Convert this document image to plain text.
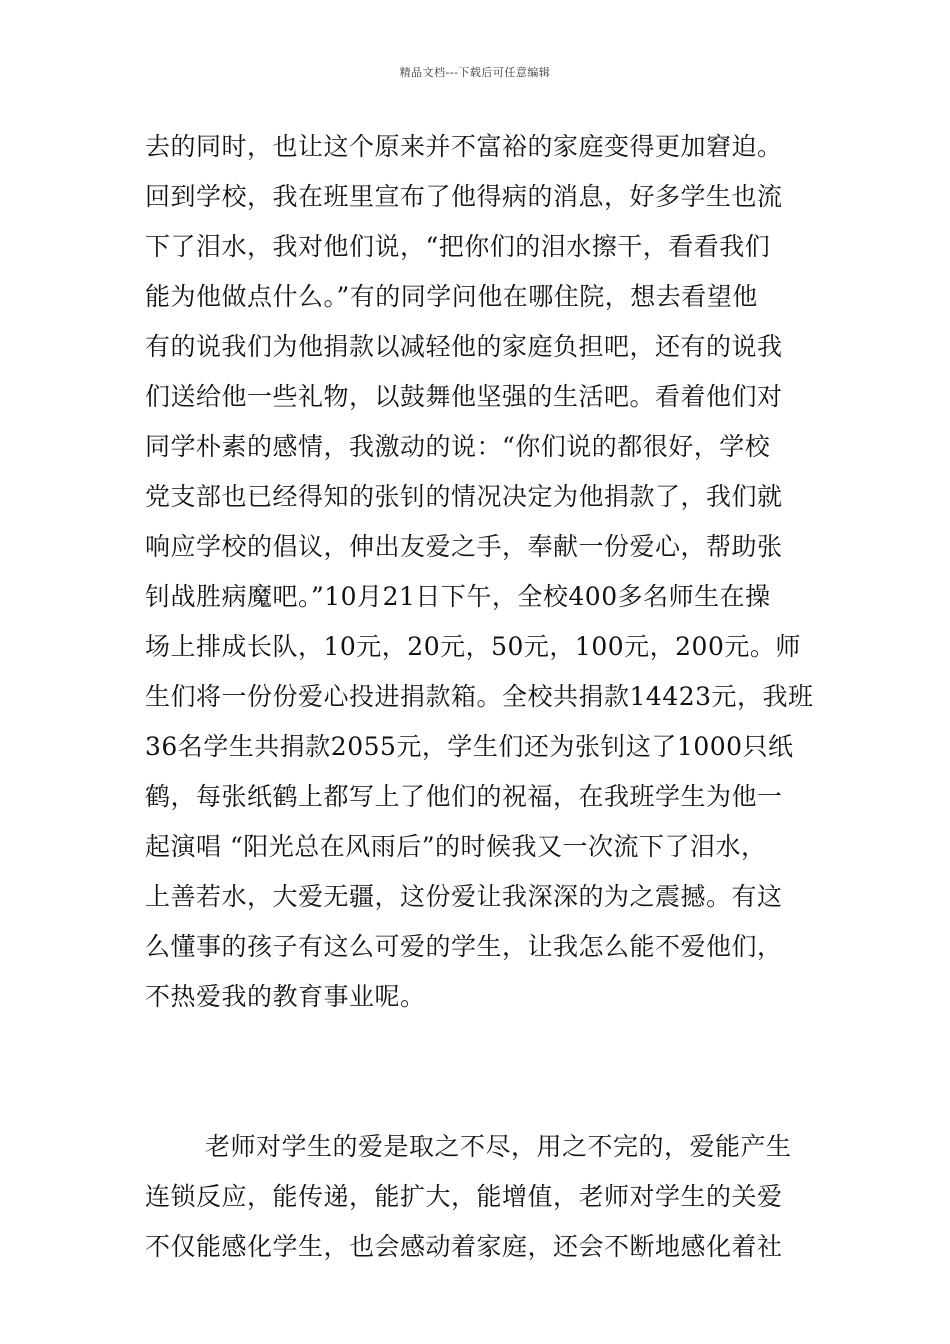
精品文档---下载后可任意编辑
去的同时，也让这个原来并不富裕的家庭变得更加窘迫。
回到学校，我在班里宣布了他得病的消息，好多学生也流
下了泪水，我对他们说，“把你们的泪水擦干，看看我们
能为他做点什么。”有的同学问他在哪住院，想去看望他
有的说我们为他捐款以减轻他的家庭负担吧，还有的说我
们送给他一些礼物，以鼓舞他坚强的生活吧。看着他们对
同学朴素的感情，我激动的说：“你们说的都很好，学校
党支部也已经得知的张钊的情况决定为他捐款了，我们就
响应学校的倡议，伸出友爱之手，奉献一份爱心，帮助张
钊战胜病魔吧。”10月21日下午，全校400多名师生在操
场上排成长队，10元，20元，50元，100元，200元。师
生们将一份份爱心投进捐款箱。全校共捐款14423元，我班
36名学生共捐款2055元，学生们还为张钊这了1000只纸
鹤，每张纸鹤上都写上了他们的祝福，在我班学生为他一
起演唱 “阳光总在风雨后”的时候我又一次流下了泪水，
上善若水，大爱无疆，这份爱让我深深的为之震撼。有这
么懂事的孩子有这么可爱的学生，让我怎么能不爱他们，
不热爱我的教育事业呢。
老师对学生的爱是取之不尽，用之不完的，爱能产生
连锁反应，能传递，能扩大，能增值，老师对学生的关爱
不仅能感化学生，也会感动着家庭，还会不断地感化着社
